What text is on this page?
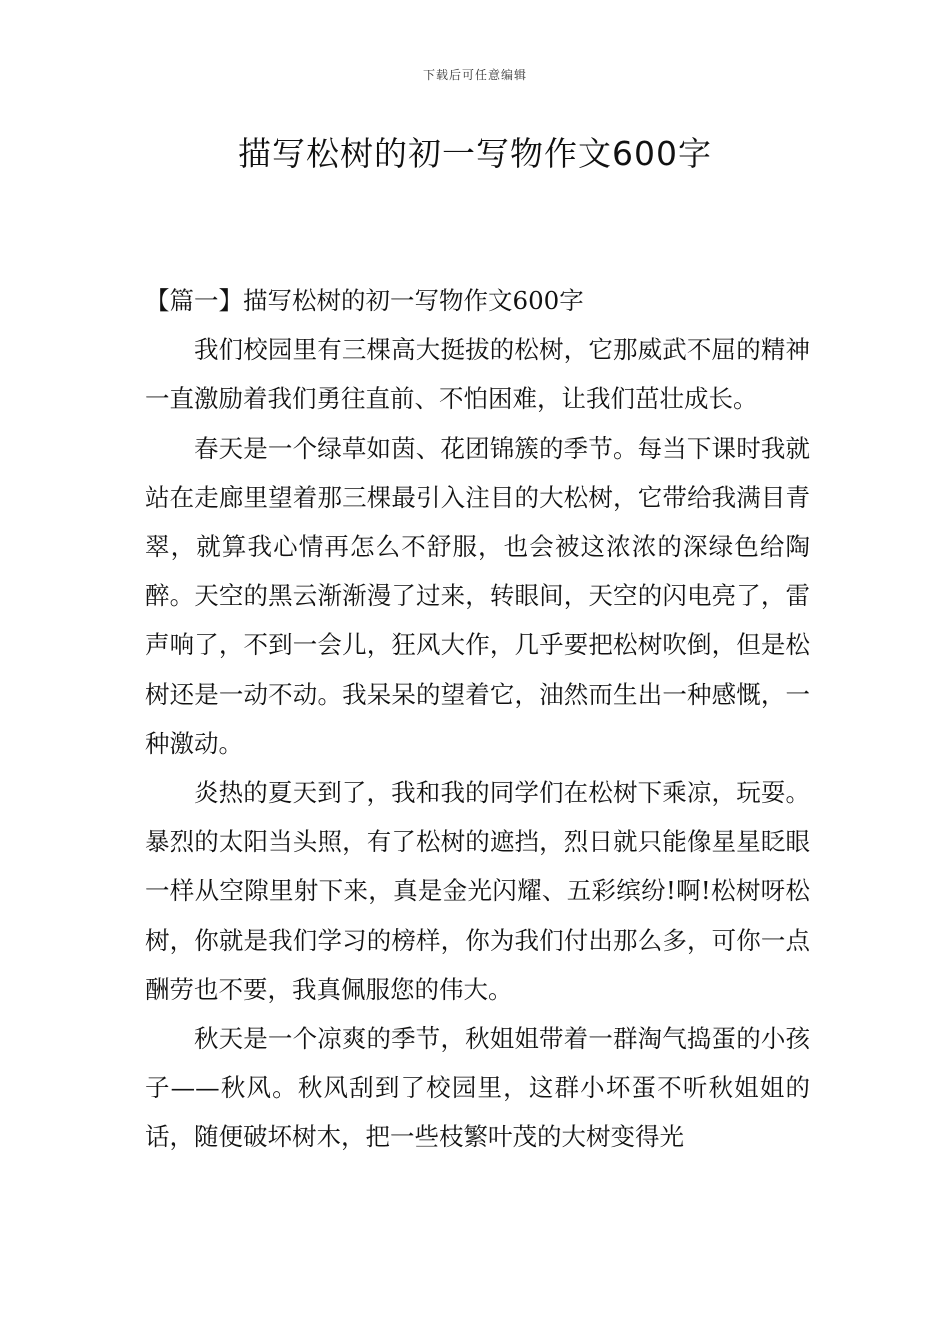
下载后可任意编辑
描写松树的初一写物作文600字

【篇一】描写松树的初一写物作文600字

我们校园里有三棵高大挺拔的松树，它那威武不屈的精神一直激励着我们勇往直前、不怕困难，让我们茁壮成长。

春天是一个绿草如茵、花团锦簇的季节。每当下课时我就站在走廊里望着那三棵最引入注目的大松树，它带给我满目青翠，就算我心情再怎么不舒服，也会被这浓浓的深绿色给陶醉。天空的黑云渐渐漫了过来，转眼间，天空的闪电亮了，雷声响了，不到一会儿，狂风大作，几乎要把松树吹倒，但是松树还是一动不动。我呆呆的望着它，油然而生出一种感慨，一种激动。

炎热的夏天到了，我和我的同学们在松树下乘凉，玩耍。暴烈的太阳当头照，有了松树的遮挡，烈日就只能像星星眨眼一样从空隙里射下来，真是金光闪耀、五彩缤纷!啊!松树呀松树，你就是我们学习的榜样，你为我们付出那么多，可你一点酬劳也不要，我真佩服您的伟大。

秋天是一个凉爽的季节，秋姐姐带着一群淘气捣蛋的小孩子——秋风。秋风刮到了校园里，这群小坏蛋不听秋姐姐的话，随便破坏树木，把一些枝繁叶茂的大树变得光
